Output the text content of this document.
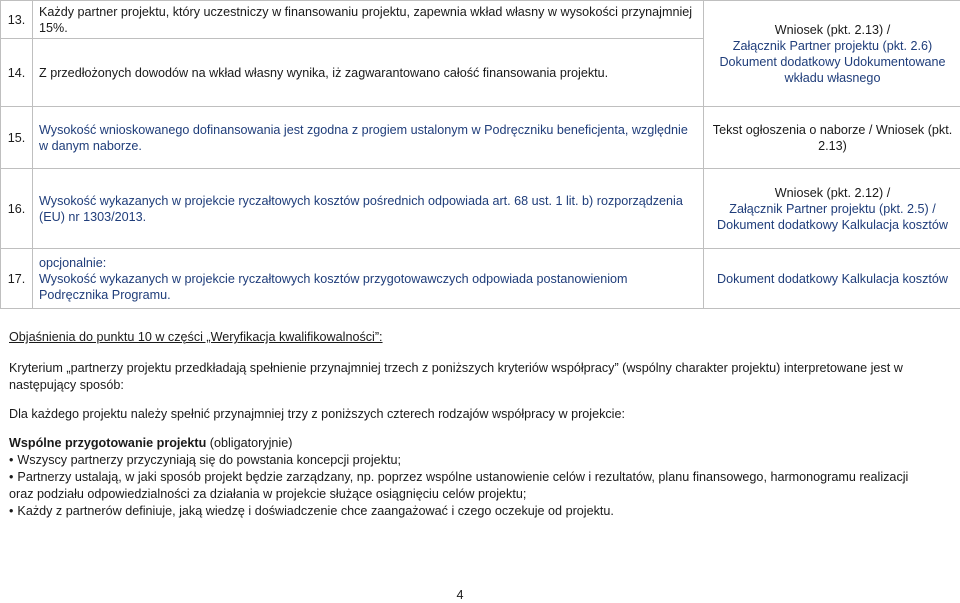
13.	Każdy partner projektu, który uczestniczy w finansowaniu projektu, zapewnia wkład własny w wysokości przynajmniej 15%.	Wniosek (pkt. 2.13) /
Załącznik Partner projektu (pkt. 2.6)
Dokument dodatkowy Udokumentowane wkładu własnego

14.	Z przedłożonych dowodów na wkład własny wynika, iż zagwarantowano całość finansowania projektu.	
15.	Wysokość wnioskowanego dofinansowania jest zgodna z progiem ustalonym w Podręczniku beneficjenta, względnie w danym naborze.	Tekst ogłoszenia o naborze / Wniosek (pkt. 2.13)
16.	Wysokość wykazanych w projekcie ryczałtowych kosztów pośrednich odpowiada art. 68 ust. 1 lit. b) rozporządzenia (EU) nr 1303/2013.	Wniosek (pkt. 2.12) /
Załącznik Partner projektu (pkt. 2.5) / Dokument dodatkowy Kalkulacja kosztów

17.	opcjonalnie:
Wysokość wykazanych w projekcie ryczałtowych kosztów przygotowawczych odpowiada postanowieniom Podręcznika Programu.	Dokument dodatkowy Kalkulacja kosztów

Objaśnienia do punktu 10 w części „Weryfikacja kwalifikowalności”:

Kryterium „partnerzy projektu przedkładają spełnienie przynajmniej trzech z poniższych kryteriów współpracy” (wspólny charakter projektu) interpretowane jest w następujący sposób:

Dla każdego projektu należy spełnić przynajmniej trzy z poniższych czterech rodzajów współpracy w projekcie:

Wspólne przygotowanie projektu (obligatoryjnie)

• Wszyscy partnerzy przyczyniają się do powstania koncepcji projektu;

• Partnerzy ustalają, w jaki sposób projekt będzie zarządzany, np. poprzez wspólne ustanowienie celów i rezultatów, planu finansowego, harmonogramu realizacji oraz podziału odpowiedzialności za działania w projekcie służące osiągnięciu celów projektu;

• Każdy z partnerów definiuje, jaką wiedzę i doświadczenie chce zaangażować i czego oczekuje od projektu.

4
